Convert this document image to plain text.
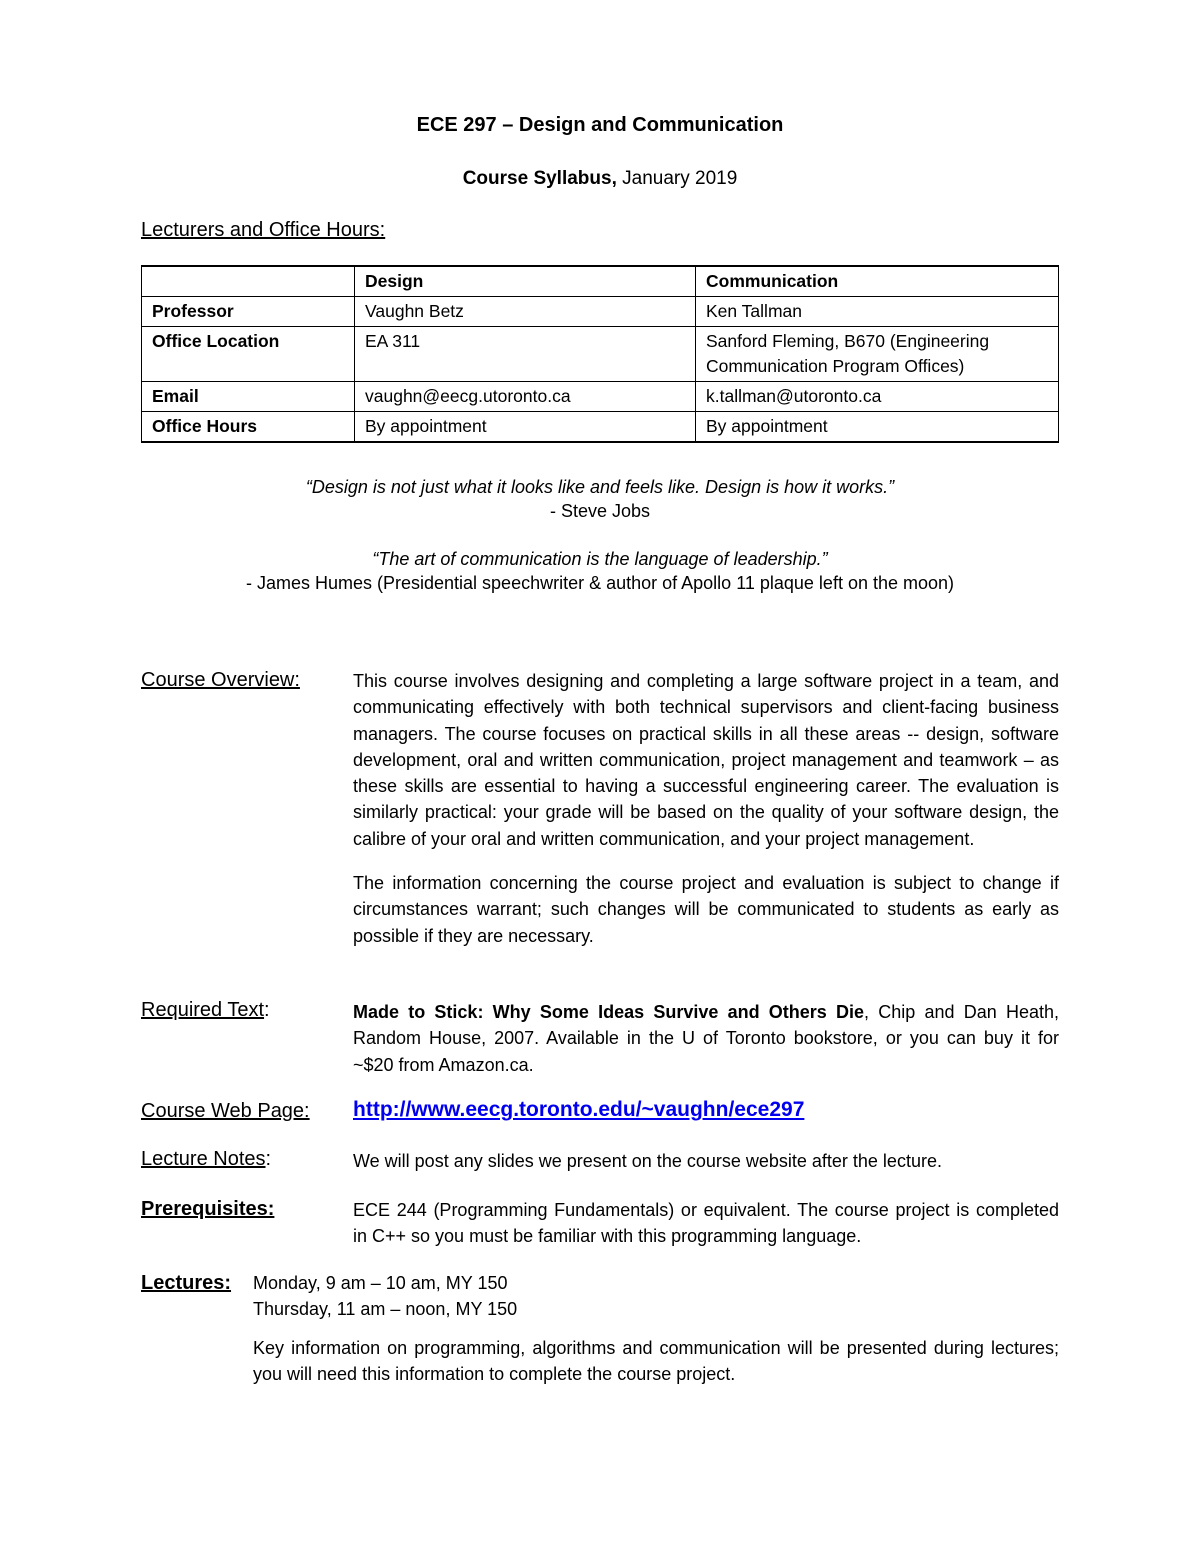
ECE 297 – Design and Communication
Course Syllabus, January 2019
Lecturers and Office Hours:
	Design	Communication
Professor	Vaughn Betz	Ken Tallman
Office Location	EA 311	Sanford Fleming, B670 (Engineering Communication Program Offices)
Email	vaughn@eecg.utoronto.ca	k.tallman@utoronto.ca
Office Hours	By appointment	By appointment
“Design is not just what it looks like and feels like. Design is how it works.”
- Steve Jobs
“The art of communication is the language of leadership.”
- James Humes (Presidential speechwriter & author of Apollo 11 plaque left on the moon)
Course Overview:	This course involves designing and completing a large software project in a team, and communicating effectively with both technical supervisors and client-facing business managers. The course focuses on practical skills in all these areas -- design, software development, oral and written communication, project management and teamwork – as these skills are essential to having a successful engineering career. The evaluation is similarly practical: your grade will be based on the quality of your software design, the calibre of your oral and written communication, and your project management.

The information concerning the course project and evaluation is subject to change if circumstances warrant; such changes will be communicated to students as early as possible if they are necessary.

Required Text:	Made to Stick: Why Some Ideas Survive and Others Die, Chip and Dan Heath, Random House, 2007. Available in the U of Toronto bookstore, or you can buy it for ~$20 from Amazon.ca.
Course Web Page: http://www.eecg.toronto.edu/~vaughn/ece297
Lecture Notes:	We will post any slides we present on the course website after the lecture.
Prerequisites:	ECE 244 (Programming Fundamentals) or equivalent. The course project is completed in C++ so you must be familiar with this programming language.
Lectures: Monday, 9 am – 10 am, MY 150

Thursday, 11 am – noon, MY 150

Key information on programming, algorithms and communication will be presented during lectures; you will need this information to complete the course project.
